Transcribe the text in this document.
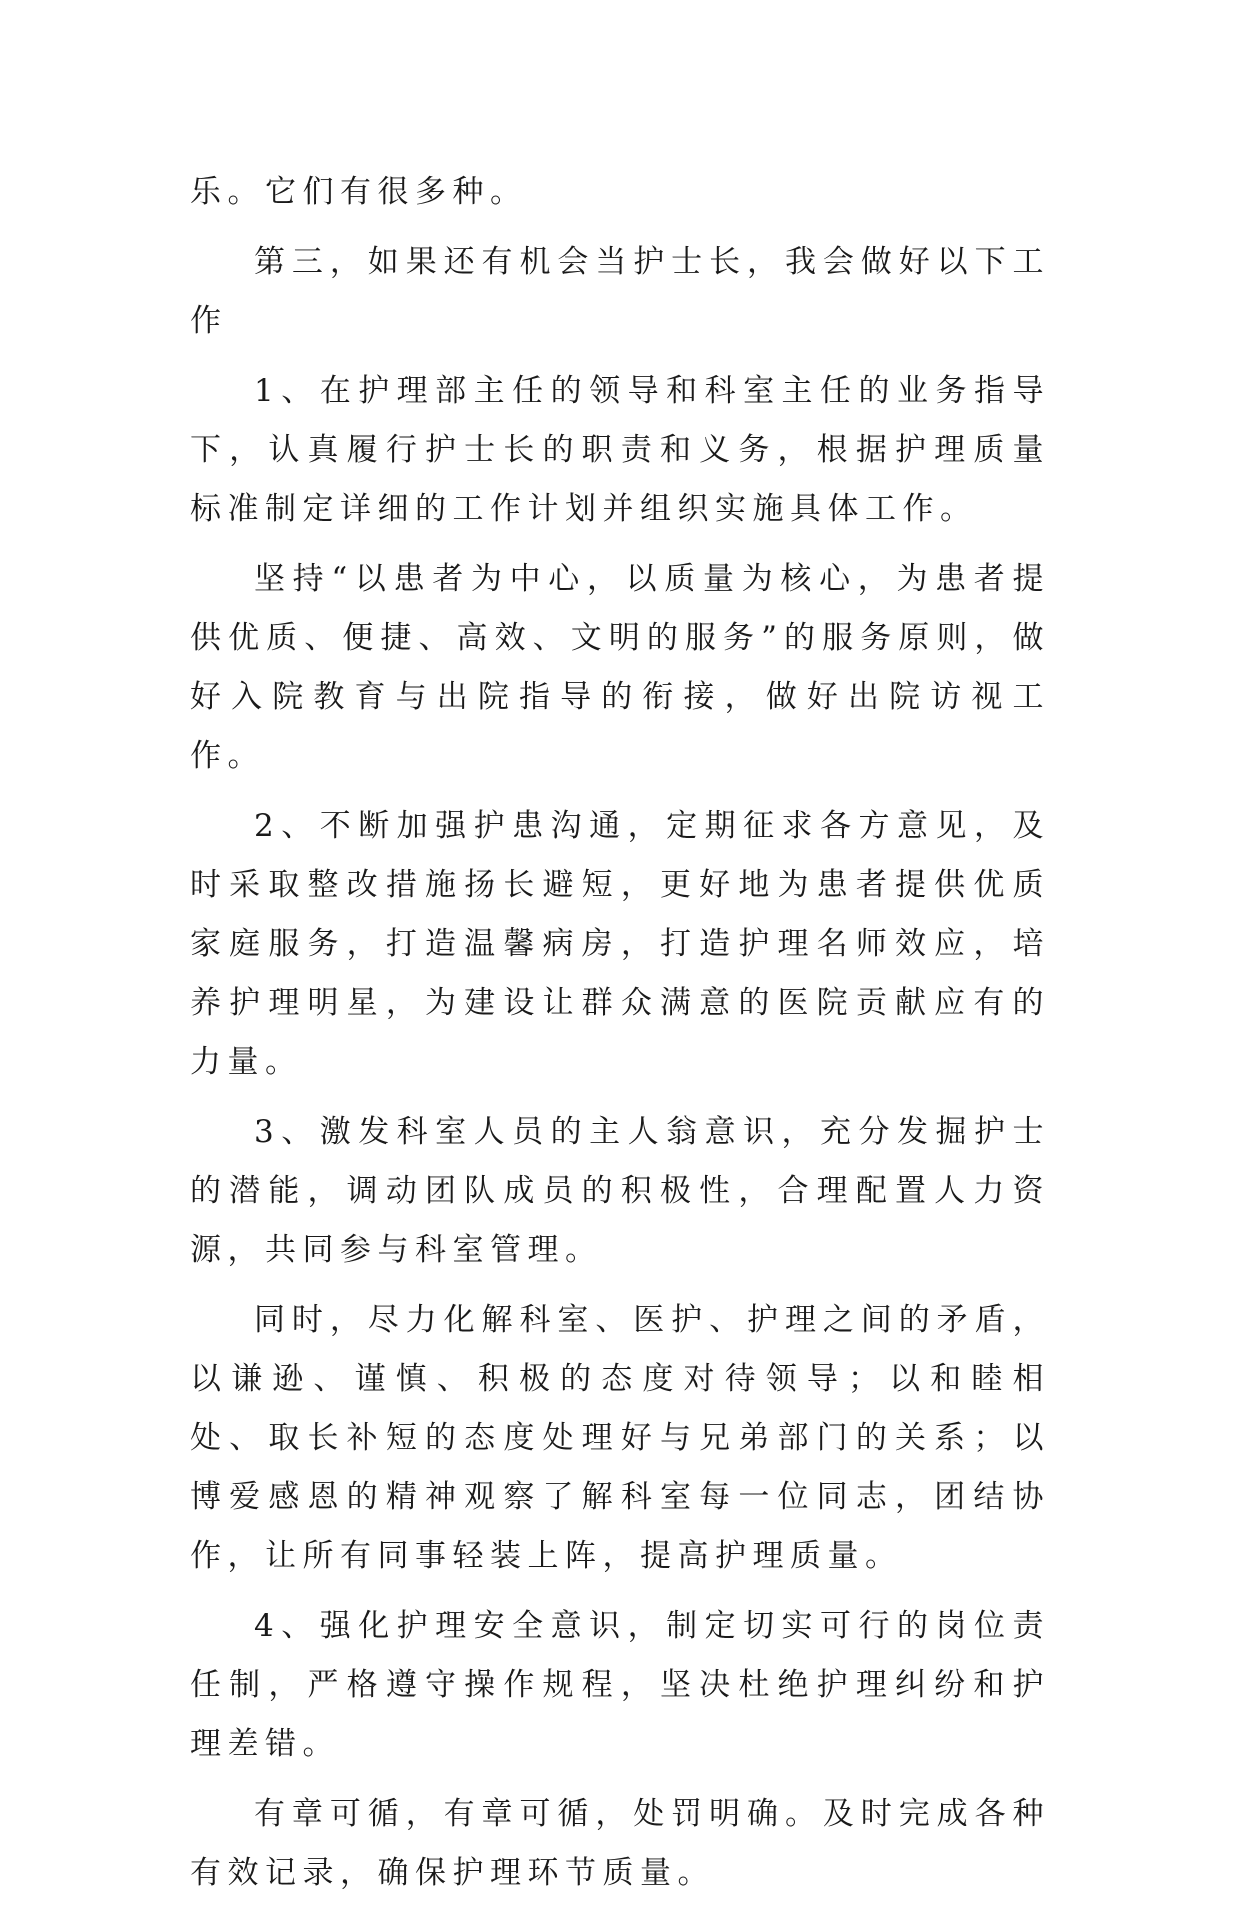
乐。它们有很多种。

第三，如果还有机会当护士长，我会做好以下工作

1、在护理部主任的领导和科室主任的业务指导下，认真履行护士长的职责和义务，根据护理质量标准制定详细的工作计划并组织实施具体工作。

坚持“以患者为中心，以质量为核心，为患者提供优质、便捷、高效、文明的服务”的服务原则，做好入院教育与出院指导的衔接，做好出院访视工作。

2、不断加强护患沟通，定期征求各方意见，及时采取整改措施扬长避短，更好地为患者提供优质家庭服务，打造温馨病房，打造护理名师效应，培养护理明星，为建设让群众满意的医院贡献应有的力量。

3、激发科室人员的主人翁意识，充分发掘护士的潜能，调动团队成员的积极性，合理配置人力资源，共同参与科室管理。

同时，尽力化解科室、医护、护理之间的矛盾，以谦逊、谨慎、积极的态度对待领导；以和睦相处、取长补短的态度处理好与兄弟部门的关系；以博爱感恩的精神观察了解科室每一位同志，团结协作，让所有同事轻装上阵，提高护理质量。

4、强化护理安全意识，制定切实可行的岗位责任制，严格遵守操作规程，坚决杜绝护理纠纷和护理差错。

有章可循，有章可循，处罚明确。及时完成各种有效记录，确保护理环节质量。
